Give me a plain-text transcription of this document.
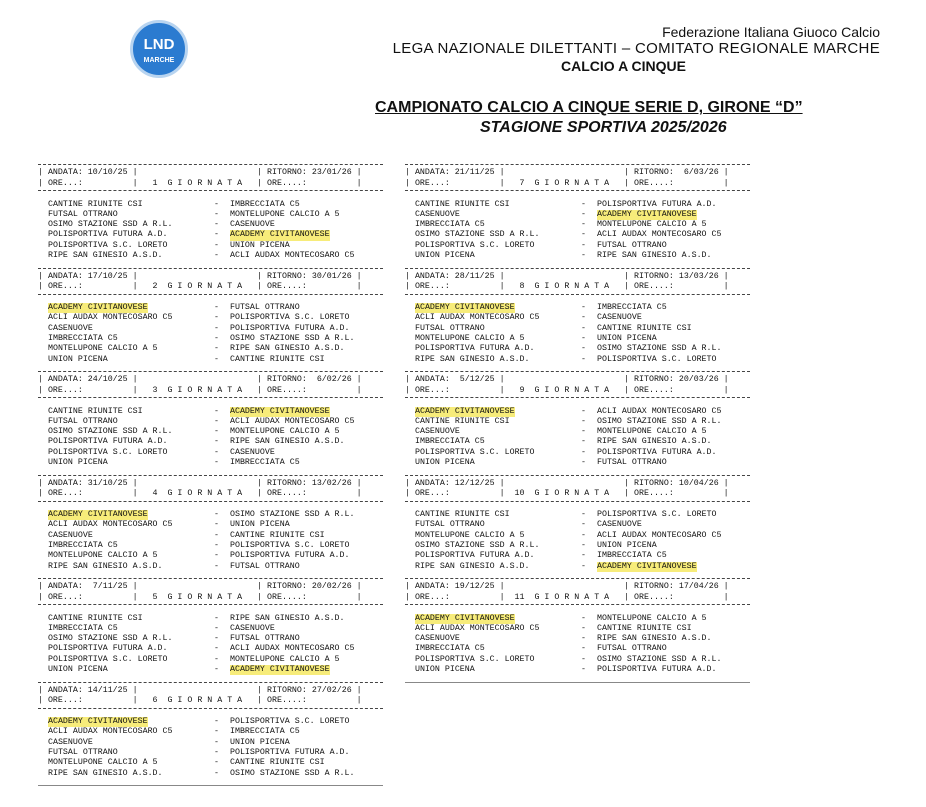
LND
MARCHE
Federazione Italiana Giuoco Calcio
LEGA NAZIONALE DILETTANTI – COMITATO REGIONALE MARCHE
CALCIO A CINQUE
CAMPIONATO CALCIO A CINQUE SERIE D, GIRONE “D”
STAGIONE SPORTIVA 2025/2026
| ANDATA: 10/10/25 |                        | RITORNO: 23/01/26 |
| ORE...:          |   1  G I O R N A T A   | ORE....:          |
CANTINE RIUNITE CSI	- IMBRECCIATA C5
FUTSAL OTTRANO	- MONTELUPONE CALCIO A 5
OSIMO STAZIONE SSD A R.L.	- CASENUOVE
POLISPORTIVA FUTURA A.D.	- ACADEMY CIVITANOVESE
POLISPORTIVA S.C. LORETO	- UNION PICENA
RIPE SAN GINESIO A.S.D.	- ACLI AUDAX MONTECOSARO C5
| ANDATA: 17/10/25 |                        | RITORNO: 30/01/26 |
| ORE...:          |   2  G I O R N A T A   | ORE....:          |
ACADEMY CIVITANOVESE	- FUTSAL OTTRANO
ACLI AUDAX MONTECOSARO C5	- POLISPORTIVA S.C. LORETO
CASENUOVE	- POLISPORTIVA FUTURA A.D.
IMBRECCIATA C5	- OSIMO STAZIONE SSD A R.L.
MONTELUPONE CALCIO A 5	- RIPE SAN GINESIO A.S.D.
UNION PICENA	- CANTINE RIUNITE CSI
| ANDATA: 24/10/25 |                        | RITORNO:  6/02/26 |
| ORE...:          |   3  G I O R N A T A   | ORE....:          |
CANTINE RIUNITE CSI	- ACADEMY CIVITANOVESE
FUTSAL OTTRANO	- ACLI AUDAX MONTECOSARO C5
OSIMO STAZIONE SSD A R.L.	- MONTELUPONE CALCIO A 5
POLISPORTIVA FUTURA A.D.	- RIPE SAN GINESIO A.S.D.
POLISPORTIVA S.C. LORETO	- CASENUOVE
UNION PICENA	- IMBRECCIATA C5
| ANDATA: 31/10/25 |                        | RITORNO: 13/02/26 |
| ORE...:          |   4  G I O R N A T A   | ORE....:          |
ACADEMY CIVITANOVESE	- OSIMO STAZIONE SSD A R.L.
ACLI AUDAX MONTECOSARO C5	- UNION PICENA
CASENUOVE	- CANTINE RIUNITE CSI
IMBRECCIATA C5	- POLISPORTIVA S.C. LORETO
MONTELUPONE CALCIO A 5	- POLISPORTIVA FUTURA A.D.
RIPE SAN GINESIO A.S.D.	- FUTSAL OTTRANO
| ANDATA:  7/11/25 |                        | RITORNO: 20/02/26 |
| ORE...:          |   5  G I O R N A T A   | ORE....:          |
CANTINE RIUNITE CSI	- RIPE SAN GINESIO A.S.D.
IMBRECCIATA C5	- CASENUOVE
OSIMO STAZIONE SSD A R.L.	- FUTSAL OTTRANO
POLISPORTIVA FUTURA A.D.	- ACLI AUDAX MONTECOSARO C5
POLISPORTIVA S.C. LORETO	- MONTELUPONE CALCIO A 5
UNION PICENA	- ACADEMY CIVITANOVESE
| ANDATA: 14/11/25 |                        | RITORNO: 27/02/26 |
| ORE...:          |   6  G I O R N A T A   | ORE....:          |
ACADEMY CIVITANOVESE	- POLISPORTIVA S.C. LORETO
ACLI AUDAX MONTECOSARO C5	- IMBRECCIATA C5
CASENUOVE	- UNION PICENA
FUTSAL OTTRANO	- POLISPORTIVA FUTURA A.D.
MONTELUPONE CALCIO A 5	- CANTINE RIUNITE CSI
RIPE SAN GINESIO A.S.D.	- OSIMO STAZIONE SSD A R.L.
| ANDATA: 21/11/25 |                        | RITORNO:  6/03/26 |
| ORE...:          |   7  G I O R N A T A   | ORE....:          |
CANTINE RIUNITE CSI	- POLISPORTIVA FUTURA A.D.
CASENUOVE	- ACADEMY CIVITANOVESE
IMBRECCIATA C5	- MONTELUPONE CALCIO A 5
OSIMO STAZIONE SSD A R.L.	- ACLI AUDAX MONTECOSARO C5
POLISPORTIVA S.C. LORETO	- FUTSAL OTTRANO
UNION PICENA	- RIPE SAN GINESIO A.S.D.
| ANDATA: 28/11/25 |                        | RITORNO: 13/03/26 |
| ORE...:          |   8  G I O R N A T A   | ORE....:          |
ACADEMY CIVITANOVESE	- IMBRECCIATA C5
ACLI AUDAX MONTECOSARO C5	- CASENUOVE
FUTSAL OTTRANO	- CANTINE RIUNITE CSI
MONTELUPONE CALCIO A 5	- UNION PICENA
POLISPORTIVA FUTURA A.D.	- OSIMO STAZIONE SSD A R.L.
RIPE SAN GINESIO A.S.D.	- POLISPORTIVA S.C. LORETO
| ANDATA:  5/12/25 |                        | RITORNO: 20/03/26 |
| ORE...:          |   9  G I O R N A T A   | ORE....:          |
ACADEMY CIVITANOVESE	- ACLI AUDAX MONTECOSARO C5
CANTINE RIUNITE CSI	- OSIMO STAZIONE SSD A R.L.
CASENUOVE	- MONTELUPONE CALCIO A 5
IMBRECCIATA C5	- RIPE SAN GINESIO A.S.D.
POLISPORTIVA S.C. LORETO	- POLISPORTIVA FUTURA A.D.
UNION PICENA	- FUTSAL OTTRANO
| ANDATA: 12/12/25 |                        | RITORNO: 10/04/26 |
| ORE...:          |  10  G I O R N A T A   | ORE....:          |
CANTINE RIUNITE CSI	- POLISPORTIVA S.C. LORETO
FUTSAL OTTRANO	- CASENUOVE
MONTELUPONE CALCIO A 5	- ACLI AUDAX MONTECOSARO C5
OSIMO STAZIONE SSD A R.L.	- UNION PICENA
POLISPORTIVA FUTURA A.D.	- IMBRECCIATA C5
RIPE SAN GINESIO A.S.D.	- ACADEMY CIVITANOVESE
| ANDATA: 19/12/25 |                        | RITORNO: 17/04/26 |
| ORE...:          |  11  G I O R N A T A   | ORE....:          |
ACADEMY CIVITANOVESE	- MONTELUPONE CALCIO A 5
ACLI AUDAX MONTECOSARO C5	- CANTINE RIUNITE CSI
CASENUOVE	- RIPE SAN GINESIO A.S.D.
IMBRECCIATA C5	- FUTSAL OTTRANO
POLISPORTIVA S.C. LORETO	- OSIMO STAZIONE SSD A R.L.
UNION PICENA	- POLISPORTIVA FUTURA A.D.
